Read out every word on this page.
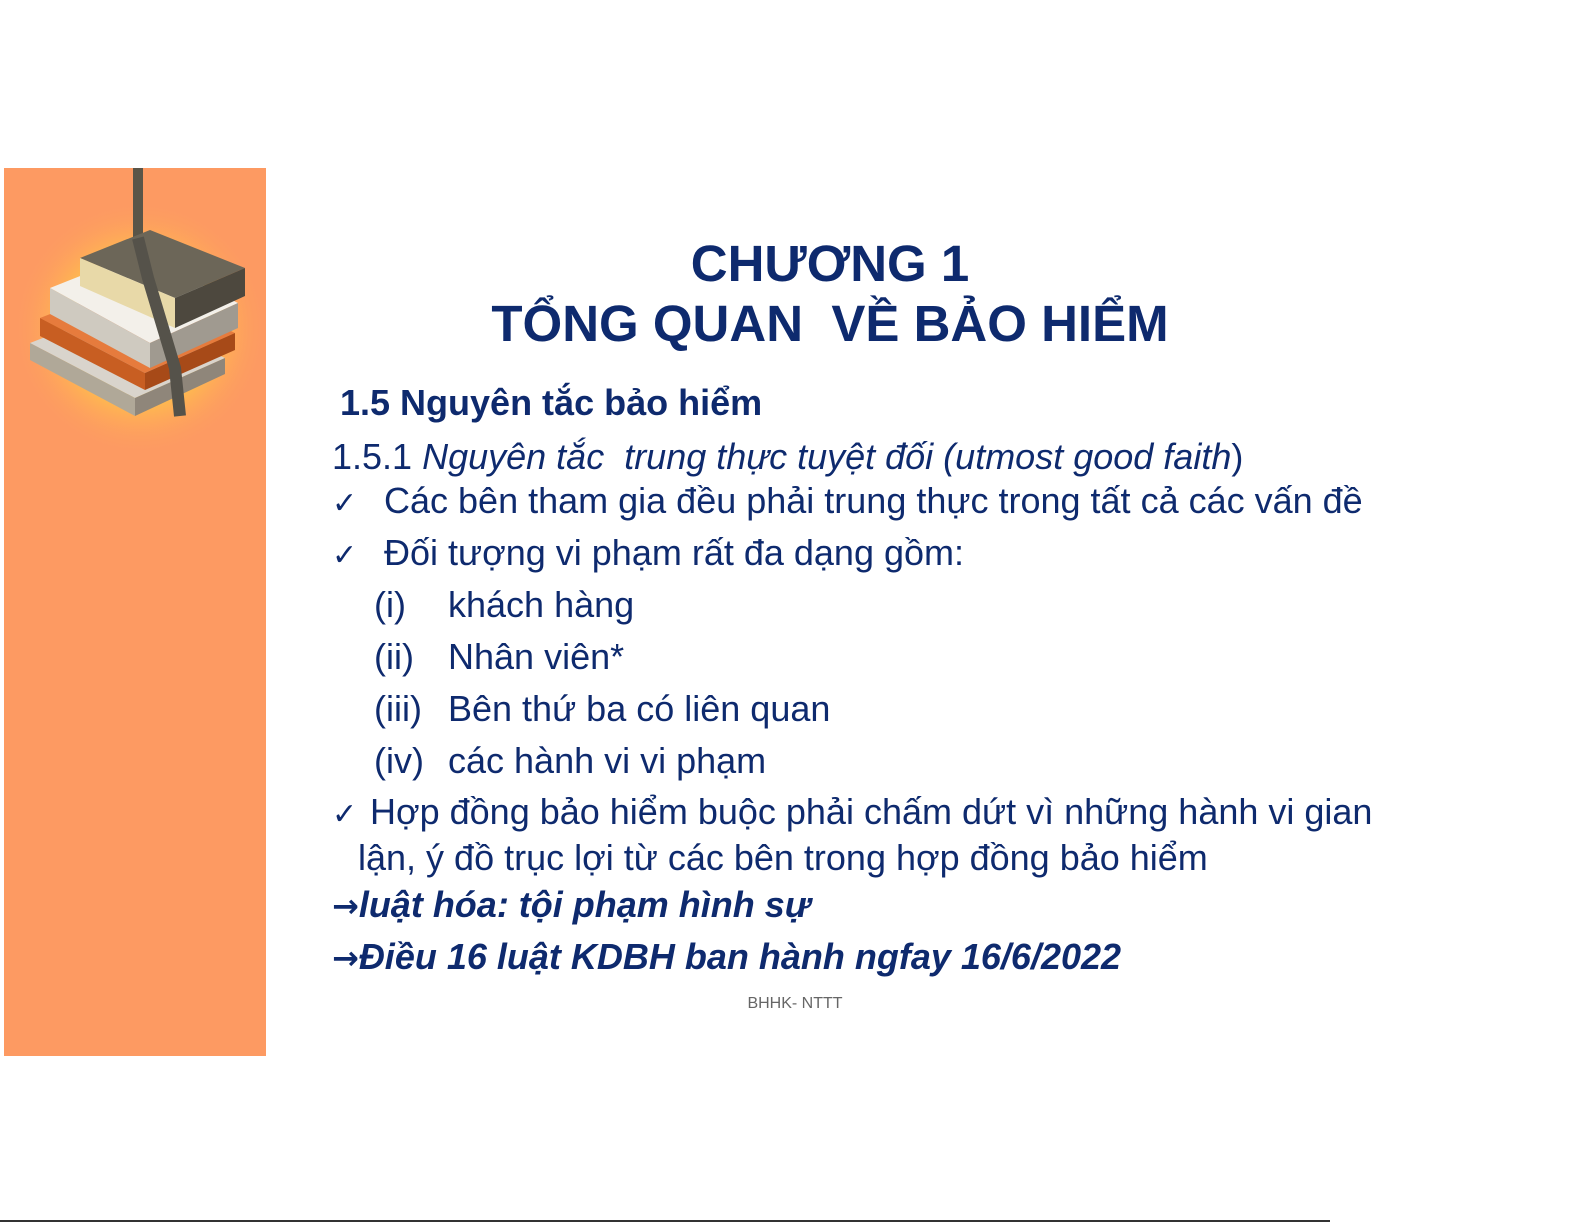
CHƯƠNG 1
TỔNG QUAN  VỀ BẢO HIỂM
1.5 Nguyên tắc bảo hiểm
1.5.1 Nguyên tắc  trung thực tuyệt đối (utmost good faith)
✓ Các bên tham gia đều phải trung thực trong tất cả các vấn đề
✓ Đối tượng vi phạm rất đa dạng gồm:
(i) khách hàng
(ii) Nhân viên*
(iii) Bên thứ ba có liên quan
(iv) các hành vi vi phạm
✓ Hợp đồng bảo hiểm buộc phải chấm dứt vì những hành vi gian
lận, ý đồ trục lợi từ các bên trong hợp đồng bảo hiểm
→luật hóa: tội phạm hình sự
→Điều 16 luật KDBH ban hành ngfay 16/6/2022
BHHK- NTTT
